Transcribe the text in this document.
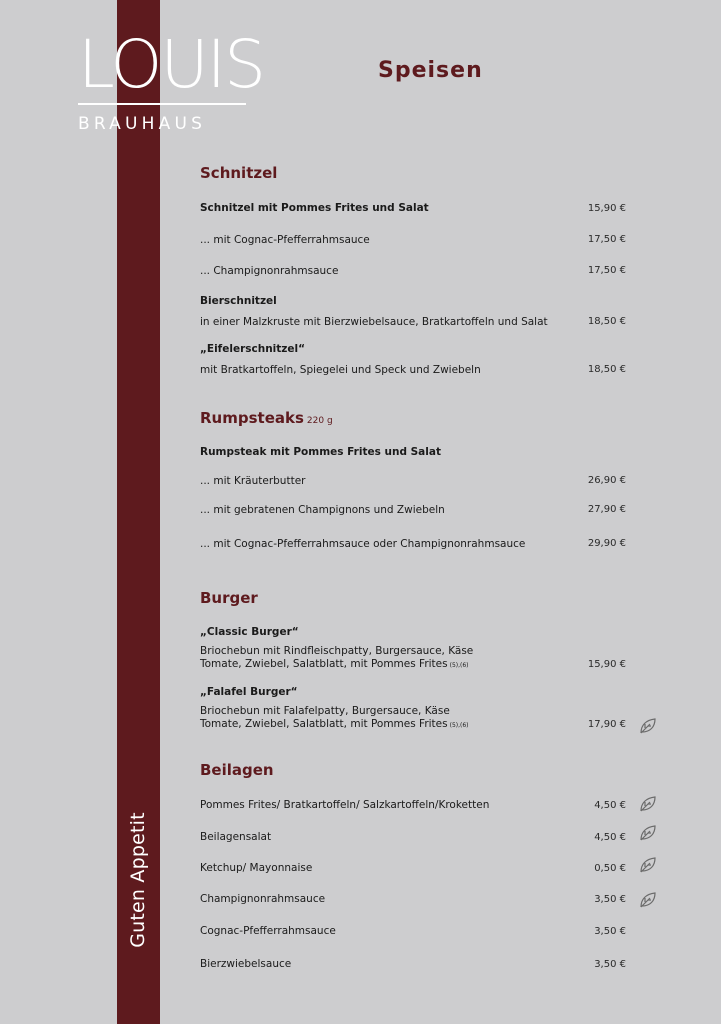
Guten Appetit
LOUIS
BRAUHAUS
Speisen
Schnitzel
Schnitzel mit Pommes Frites und Salat	15,90 €
... mit Cognac-Pfefferrahmsauce	17,50 €
... Champignonrahmsauce	17,50 €
Bierschnitzel
in einer Malzkruste mit Bierzwiebelsauce, Bratkartoffeln und Salat	18,50 €
„Eifelerschnitzel“
mit Bratkartoffeln, Spiegelei und Speck und Zwiebeln	18,50 €
Rumpsteaks 220 g
Rumpsteak mit Pommes Frites und Salat
... mit Kräuterbutter	26,90 €
... mit gebratenen Champignons und Zwiebeln	27,90 €
... mit Cognac-Pfefferrahmsauce oder Champignonrahmsauce	29,90 €
Burger
„Classic Burger“
Briochebun mit Rindfleischpatty, Burgersauce, Käse
Tomate, Zwiebel, Salatblatt, mit Pommes Frites (5),(6)	15,90 €
„Falafel Burger“
Briochebun mit Falafelpatty, Burgersauce, Käse
Tomate, Zwiebel, Salatblatt, mit Pommes Frites (5),(6)	17,90 €
Beilagen
Pommes Frites/ Bratkartoffeln/ Salzkartoffeln/Kroketten	4,50 €
Beilagensalat	4,50 €
Ketchup/ Mayonnaise	0,50 €
Champignonrahmsauce	3,50 €
Cognac-Pfefferrahmsauce	3,50 €
Bierzwiebelsauce	3,50 €
